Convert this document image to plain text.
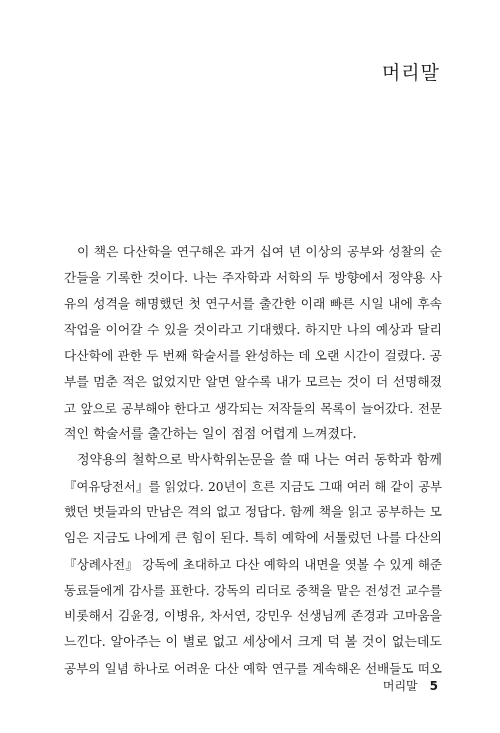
머리말
이 책은 다산학을 연구해온 과거 십여 년 이상의 공부와 성찰의 순
간들을 기록한 것이다. 나는 주자학과 서학의 두 방향에서 정약용 사
유의 성격을 해명했던 첫 연구서를 출간한 이래 빠른 시일 내에 후속
작업을 이어갈 수 있을 것이라고 기대했다. 하지만 나의 예상과 달리
다산학에 관한 두 번째 학술서를 완성하는 데 오랜 시간이 걸렸다. 공
부를 멈춘 적은 없었지만 알면 알수록 내가 모르는 것이 더 선명해졌
고 앞으로 공부해야 한다고 생각되는 저작들의 목록이 늘어갔다. 전문
적인 학술서를 출간하는 일이 점점 어렵게 느껴졌다.
정약용의 철학으로 박사학위논문을 쓸 때 나는 여러 동학과 함께
『여유당전서』를 읽었다. 20년이 흐른 지금도 그때 여러 해 같이 공부
했던 벗들과의 만남은 격의 없고 정답다. 함께 책을 읽고 공부하는 모
임은 지금도 나에게 큰 힘이 된다. 특히 예학에 서툴렀던 나를 다산의
『상례사전』 강독에 초대하고 다산 예학의 내면을 엿볼 수 있게 해준
동료들에게 감사를 표한다. 강독의 리더로 중책을 맡은 전성건 교수를
비롯해서 김윤경, 이병유, 차서연, 강민우 선생님께 존경과 고마움을
느낀다. 알아주는 이 별로 없고 세상에서 크게 덕 볼 것이 없는데도
공부의 일념 하나로 어려운 다산 예학 연구를 계속해온 선배들도 떠오
머리말 5
